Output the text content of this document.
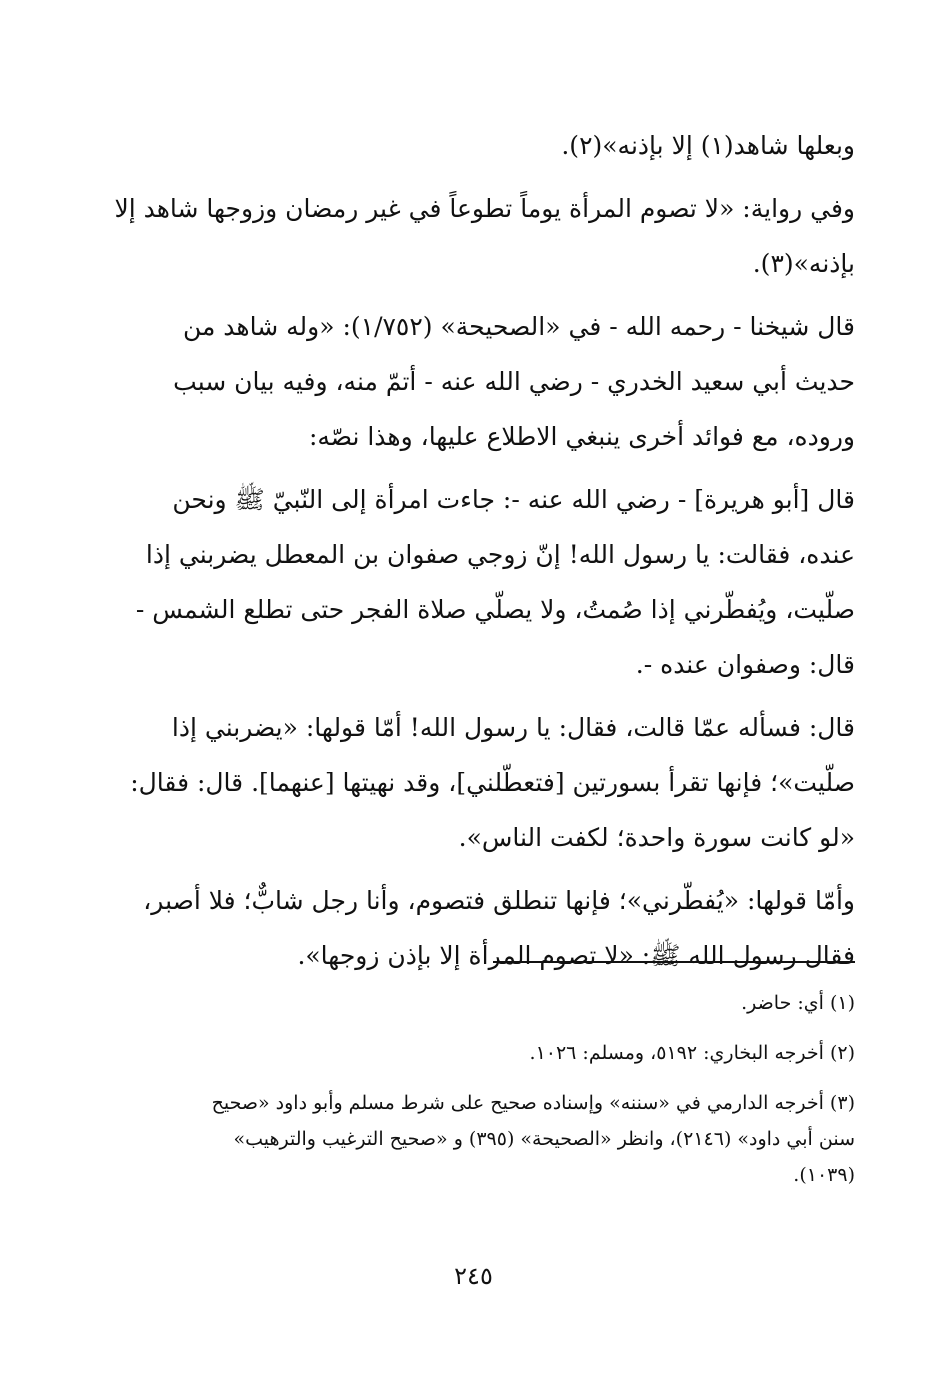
وبعلها شاهد(١) إلا بإذنه»(٢).

وفي رواية: «لا تصوم المرأة يوماً تطوعاً في غير رمضان وزوجها شاهد إلا
بإذنه»(٣).

قال شيخنا - رحمه الله - في «الصحيحة» (١/٧٥٢): «وله شاهد من
حديث أبي سعيد الخدري - رضي الله عنه - أتمّ منه، وفيه بيان سبب
وروده، مع فوائد أخرى ينبغي الاطلاع عليها، وهذا نصّه:

قال [أبو هريرة] - رضي الله عنه -: جاءت امرأة إلى النّبيّ ﷺ ونحن
عنده، فقالت: يا رسول الله! إنّ زوجي صفوان بن المعطل يضربني إذا
صلّيت، ويُفطّرني إذا صُمتُ، ولا يصلّي صلاة الفجر حتى تطلع الشمس -
قال: وصفوان عنده -.

قال: فسأله عمّا قالت، فقال: يا رسول الله! أمّا قولها: «يضربني إذا
صلّيت»؛ فإنها تقرأ بسورتين [فتعطّلني]، وقد نهيتها [عنهما]. قال: فقال:
«لو كانت سورة واحدة؛ لكفت الناس».

وأمّا قولها: «يُفطّرني»؛ فإنها تنطلق فتصوم، وأنا رجل شابٌّ؛ فلا أصبر،
فقال رسول الله ﷺ: «لا تصوم المرأة إلا بإذن زوجها».

(١) أي: حاضر.
(٢) أخرجه البخاري: ٥١٩٢، ومسلم: ١٠٢٦.
(٣) أخرجه الدارمي في «سننه» وإسناده صحيح على شرط مسلم وأبو داود «صحيح
سنن أبي داود» (٢١٤٦)، وانظر «الصحيحة» (٣٩٥) و «صحيح الترغيب والترهيب»
(١٠٣٩).
٢٤٥
